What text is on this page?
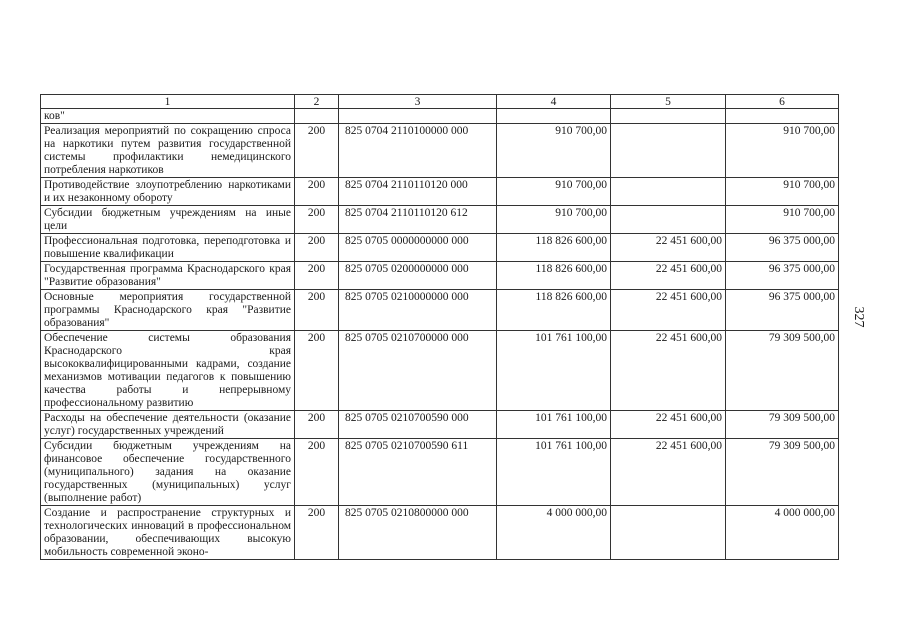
1	2	3	4	5	6
ков"					
Реализация мероприятий по сокращению спроса на наркотики путем развития государственной системы профилактики немедицинского потребления наркотиков	200	825 0704 2110100000 000	910 700,00		910 700,00
Противодействие злоупотреблению наркотиками и их незаконному обороту	200	825 0704 2110110120 000	910 700,00		910 700,00
Субсидии бюджетным учреждениям на иные цели	200	825 0704 2110110120 612	910 700,00		910 700,00
Профессиональная подготовка, переподготовка и повышение квалификации	200	825 0705 0000000000 000	118 826 600,00	22 451 600,00	96 375 000,00
Государственная программа Краснодарского края "Развитие образования"	200	825 0705 0200000000 000	118 826 600,00	22 451 600,00	96 375 000,00
Основные мероприятия государственной программы Краснодарского края "Развитие образования"	200	825 0705 0210000000 000	118 826 600,00	22 451 600,00	96 375 000,00
Обеспечение системы образования Краснодарского края высококвалифицированными кадрами, создание механизмов мотивации педагогов к повышению качества работы и непрерывному профессиональному развитию	200	825 0705 0210700000 000	101 761 100,00	22 451 600,00	79 309 500,00
Расходы на обеспечение деятельности (оказание услуг) государственных учреждений	200	825 0705 0210700590 000	101 761 100,00	22 451 600,00	79 309 500,00
Субсидии бюджетным учреждениям на финансовое обеспечение государственного (муниципального) задания на оказание государственных (муниципальных) услуг (выполнение работ)	200	825 0705 0210700590 611	101 761 100,00	22 451 600,00	79 309 500,00
Создание и распространение структурных и технологических инноваций в профессиональном образовании, обеспечивающих высокую мобильность современной эконо-	200	825 0705 0210800000 000	4 000 000,00		4 000 000,00
327
